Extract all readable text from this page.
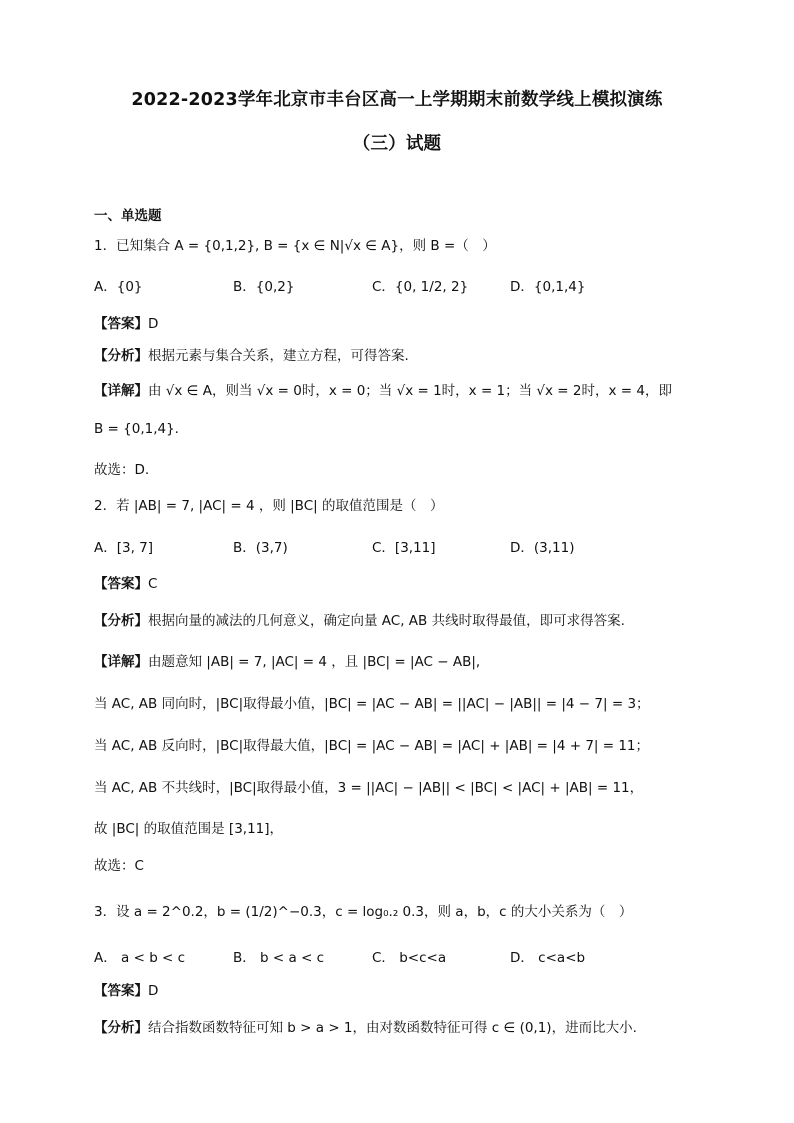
2022-2023学年北京市丰台区高一上学期期末前数学线上模拟演练
（三）试题
一、单选题
1．已知集合 A = {0,1,2}, B = {x ∈ N|√x ∈ A}，则 B =（　）
A．{0}	B．{0,2}	C．{0, 1/2, 2}	D．{0,1,4}
【答案】D
【分析】根据元素与集合关系，建立方程，可得答案.
【详解】由 √x ∈ A，则当 √x = 0时，x = 0；当 √x = 1时，x = 1；当 √x = 2时，x = 4，即
B = {0,1,4}.
故选：D.
2．若 |AB| = 7, |AC| = 4 ，则 |BC| 的取值范围是（　）
A．[3, 7]	B．(3,7)	C．[3,11]	D．(3,11)
【答案】C
【分析】根据向量的减法的几何意义，确定向量 AC, AB 共线时取得最值，即可求得答案.
【详解】由题意知 |AB| = 7, |AC| = 4 ，且 |BC| = |AC − AB|,
当 AC, AB 同向时，|BC|取得最小值，|BC| = |AC − AB| = ||AC| − |AB|| = |4 − 7| = 3；
当 AC, AB 反向时，|BC|取得最大值，|BC| = |AC − AB| = |AC| + |AB| = |4 + 7| = 11；
当 AC, AB 不共线时，|BC|取得最小值，3 = ||AC| − |AB|| < |BC| < |AC| + |AB| = 11，
故 |BC| 的取值范围是 [3,11]，
故选：C
3．设 a = 2^0.2，b = (1/2)^−0.3，c = log₀.₂ 0.3，则 a，b，c 的大小关系为（　）
A． a < b < c	B． b < a < c	C． b<c<a	D． c<a<b
【答案】D
【分析】结合指数函数特征可知 b > a > 1，由对数函数特征可得 c ∈ (0,1)，进而比大小.
